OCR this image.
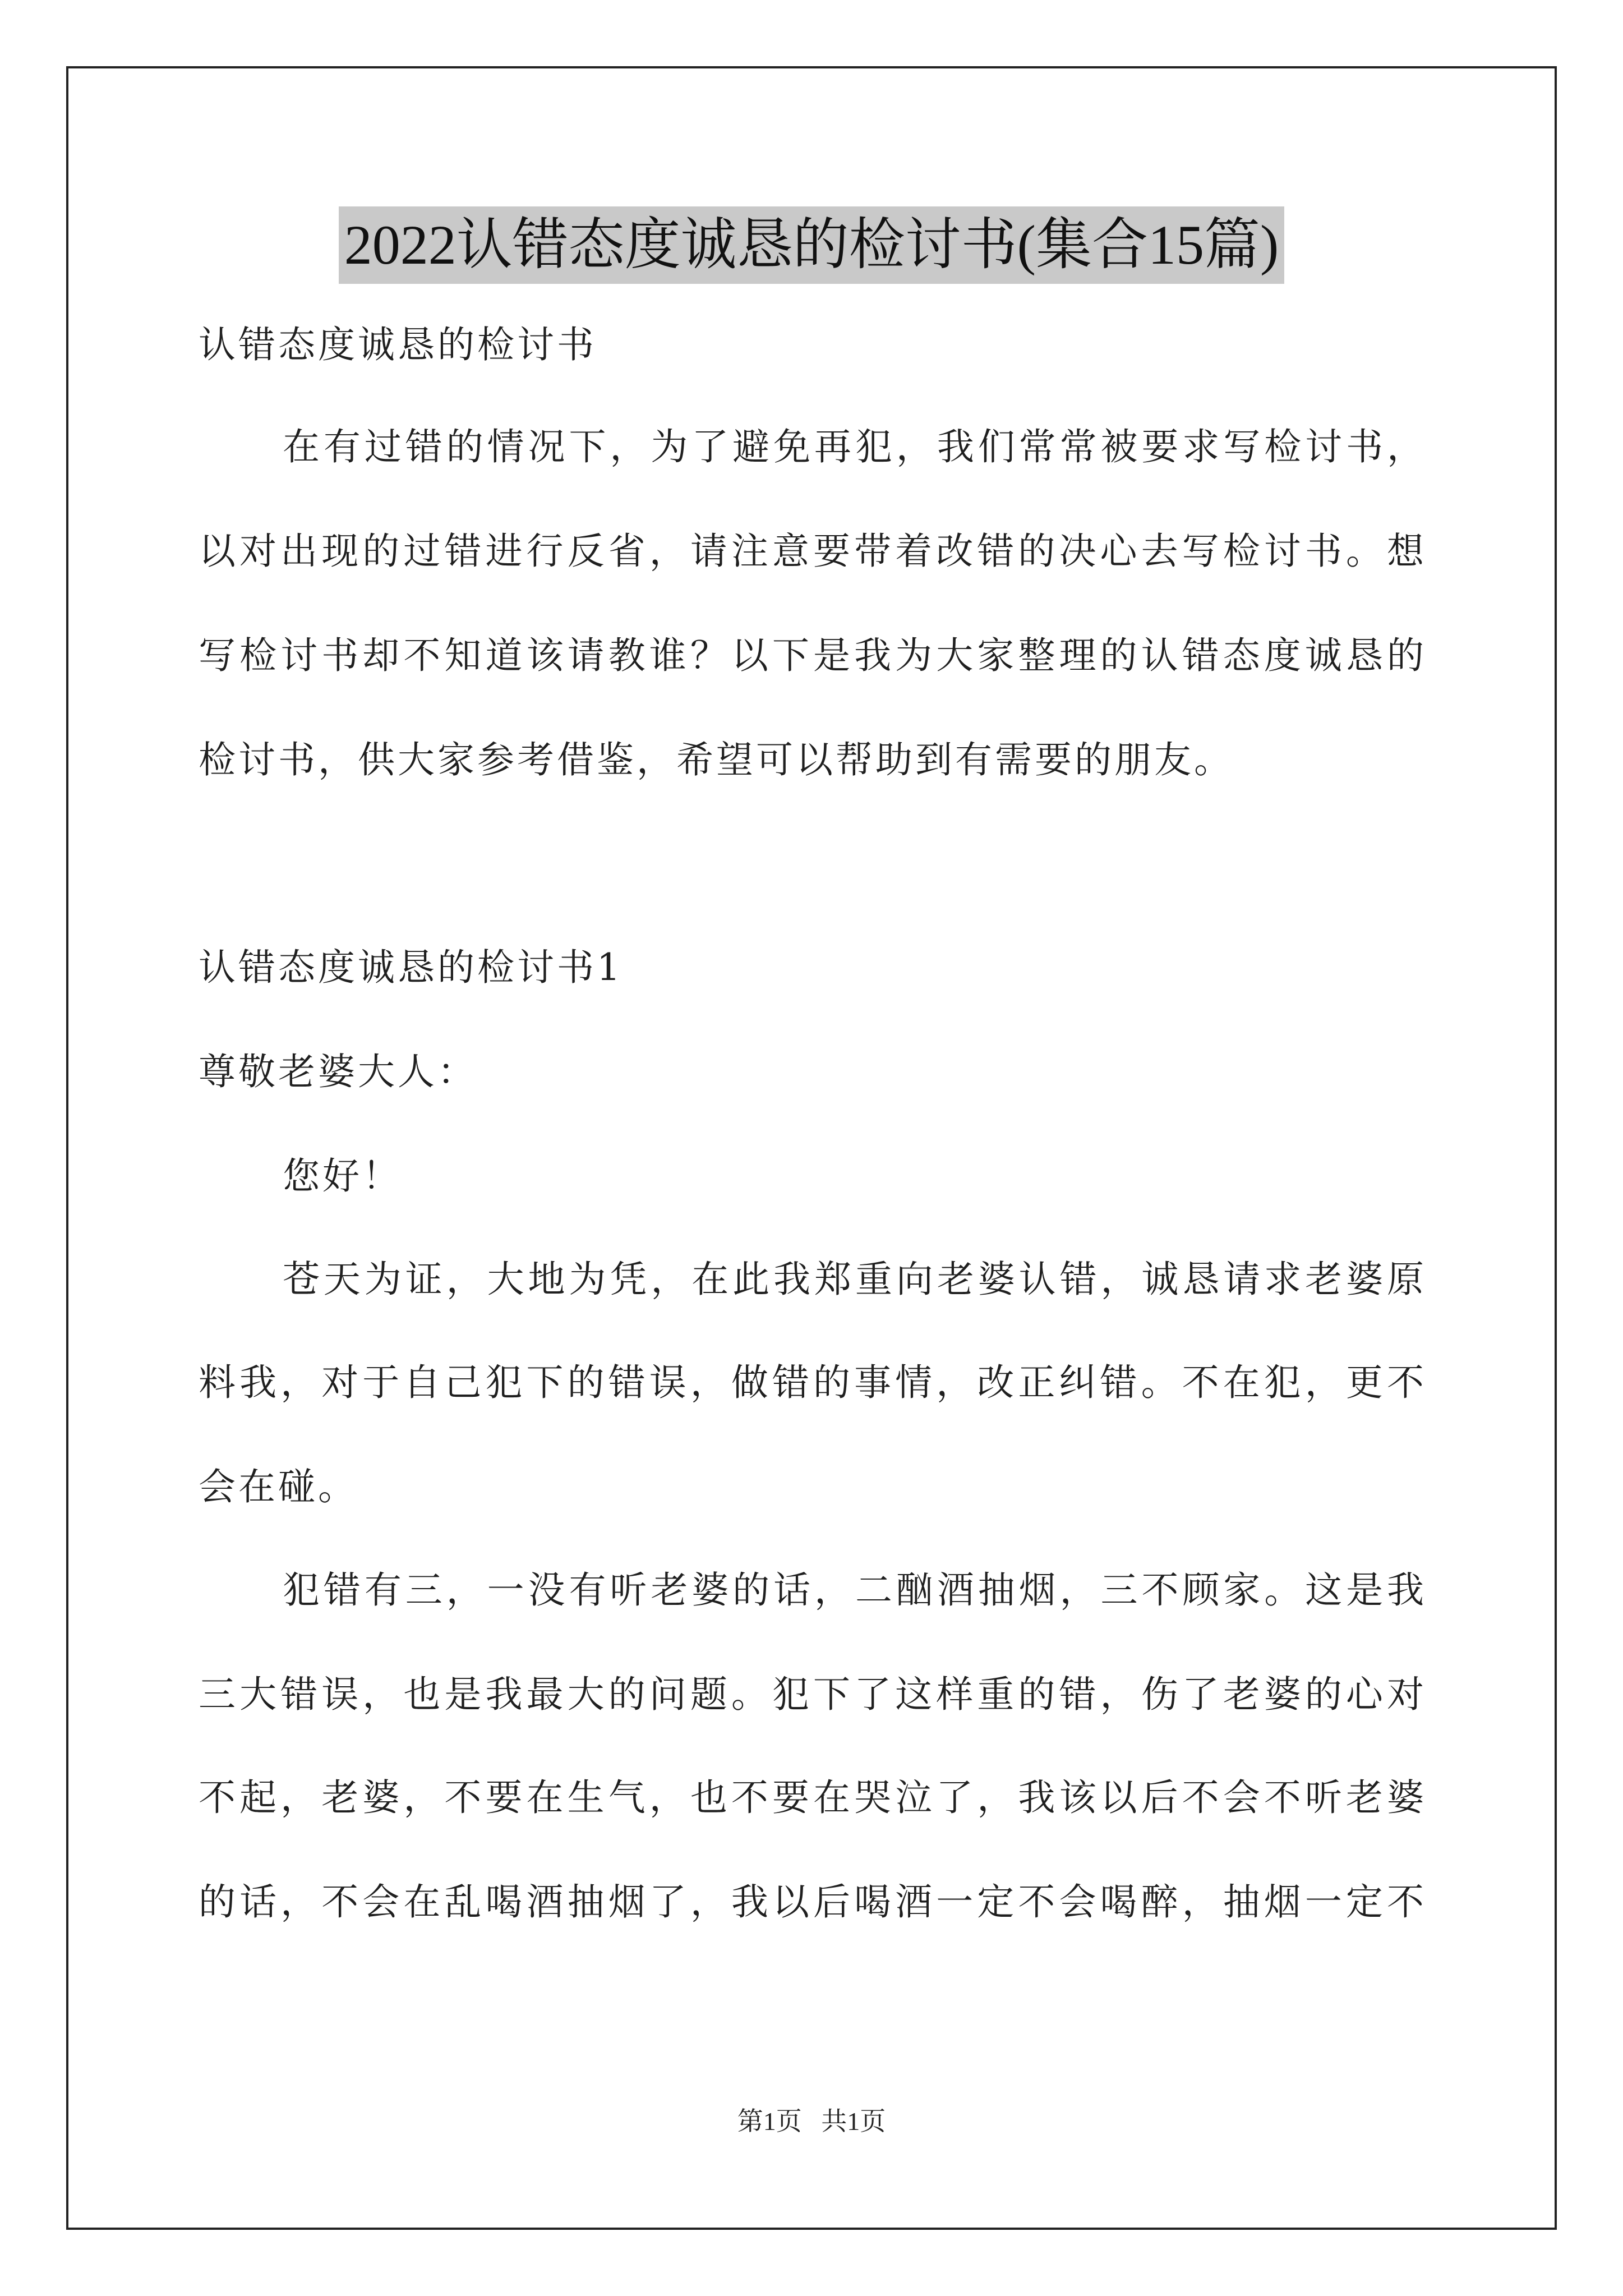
2022认错态度诚恳的检讨书(集合15篇)
认错态度诚恳的检讨书
在有过错的情况下，为了避免再犯，我们常常被要求写检讨书，
以对出现的过错进行反省，请注意要带着改错的决心去写检讨书。想
写检讨书却不知道该请教谁？以下是我为大家整理的认错态度诚恳的
检讨书，供大家参考借鉴，希望可以帮助到有需要的朋友。
认错态度诚恳的检讨书1
尊敬老婆大人：
您好！
苍天为证，大地为凭，在此我郑重向老婆认错，诚恳请求老婆原
料我，对于自己犯下的错误，做错的事情，改正纠错。不在犯，更不
会在碰。
犯错有三，一没有听老婆的话，二酗酒抽烟，三不顾家。这是我
三大错误，也是我最大的问题。犯下了这样重的错，伤了老婆的心对
不起，老婆，不要在生气，也不要在哭泣了，我该以后不会不听老婆
的话，不会在乱喝酒抽烟了，我以后喝酒一定不会喝醉，抽烟一定不
第1页   共1页
